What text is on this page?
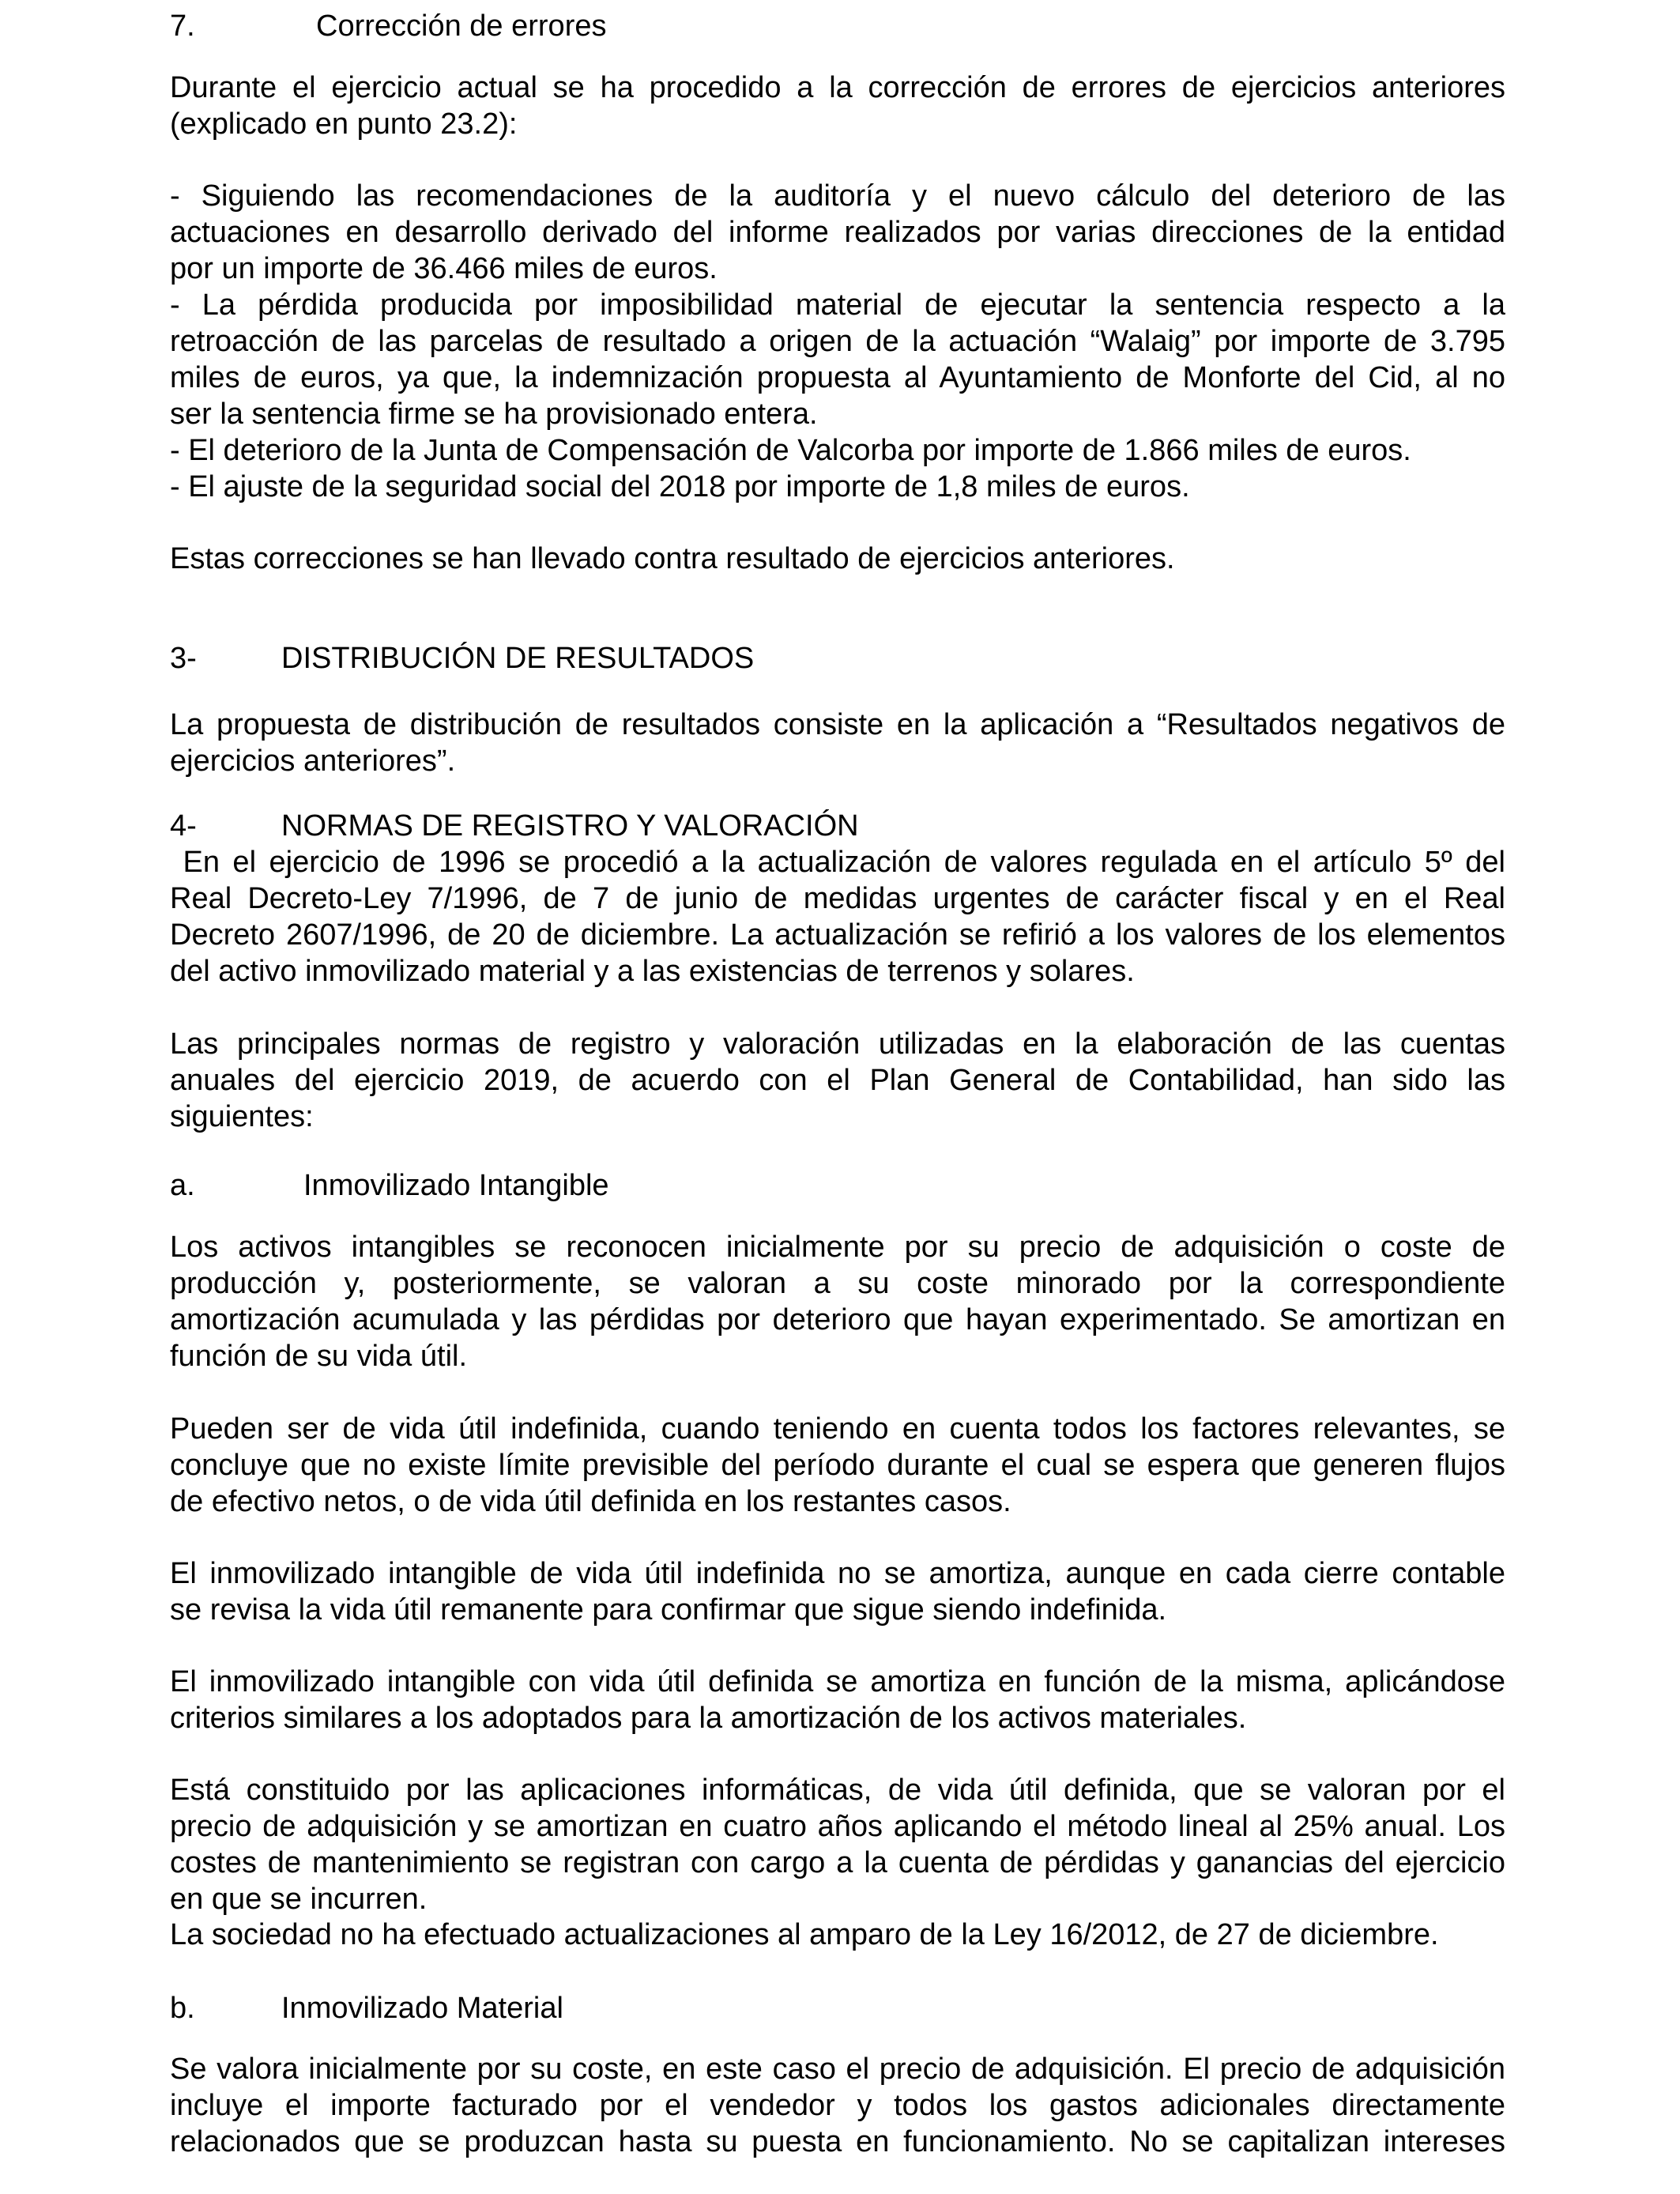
7.	Corrección de errores
Durante el ejercicio actual se ha procedido a la corrección de errores de ejercicios anteriores
(explicado en punto 23.2):
- Siguiendo las recomendaciones de la auditoría y el nuevo cálculo del deterioro de las
actuaciones en desarrollo derivado del informe realizados por varias direcciones de la entidad
por un importe de 36.466 miles de euros.
- La pérdida producida por imposibilidad material de ejecutar la sentencia respecto a la
retroacción de las parcelas de resultado a origen de la actuación “Walaig” por importe de 3.795
miles de euros, ya que, la indemnización propuesta al Ayuntamiento de Monforte del Cid, al no
ser la sentencia firme se ha provisionado entera.
- El deterioro de la Junta de Compensación de Valcorba por importe de 1.866 miles de euros.
- El ajuste de la seguridad social del 2018 por importe de 1,8 miles de euros.
Estas correcciones se han llevado contra resultado de ejercicios anteriores.
3-	DISTRIBUCIÓN DE RESULTADOS
La propuesta de distribución de resultados consiste en la aplicación a “Resultados negativos de
ejercicios anteriores”.
4-	NORMAS DE REGISTRO Y VALORACIÓN
En el ejercicio de 1996 se procedió a la actualización de valores regulada en el artículo 5º del
Real Decreto-Ley 7/1996, de 7 de junio de medidas urgentes de carácter fiscal y en el Real
Decreto 2607/1996, de 20 de diciembre. La actualización se refirió a los valores de los elementos
del activo inmovilizado material y a las existencias de terrenos y solares.
Las principales normas de registro y valoración utilizadas en la elaboración de las cuentas
anuales del ejercicio 2019, de acuerdo con el Plan General de Contabilidad, han sido las
siguientes:
a.	Inmovilizado Intangible
Los activos intangibles se reconocen inicialmente por su precio de adquisición o coste de
producción y, posteriormente, se valoran a su coste minorado por la correspondiente
amortización acumulada y las pérdidas por deterioro que hayan experimentado. Se amortizan en
función de su vida útil.
Pueden ser de vida útil indefinida, cuando teniendo en cuenta todos los factores relevantes, se
concluye que no existe límite previsible del período durante el cual se espera que generen flujos
de efectivo netos, o de vida útil definida en los restantes casos.
El inmovilizado intangible de vida útil indefinida no se amortiza, aunque en cada cierre contable
se revisa la vida útil remanente para confirmar que sigue siendo indefinida.
El inmovilizado intangible con vida útil definida se amortiza en función de la misma, aplicándose
criterios similares a los adoptados para la amortización de los activos materiales.
Está constituido por las aplicaciones informáticas, de vida útil definida, que se valoran por el
precio de adquisición y se amortizan en cuatro años aplicando el método lineal al 25% anual. Los
costes de mantenimiento se registran con cargo a la cuenta de pérdidas y ganancias del ejercicio
en que se incurren.
La sociedad no ha efectuado actualizaciones al amparo de la Ley 16/2012, de 27 de diciembre.
b.	Inmovilizado Material
Se valora inicialmente por su coste, en este caso el precio de adquisición. El precio de adquisición
incluye el importe facturado por el vendedor y todos los gastos adicionales directamente
relacionados que se produzcan hasta su puesta en funcionamiento. No se capitalizan intereses
